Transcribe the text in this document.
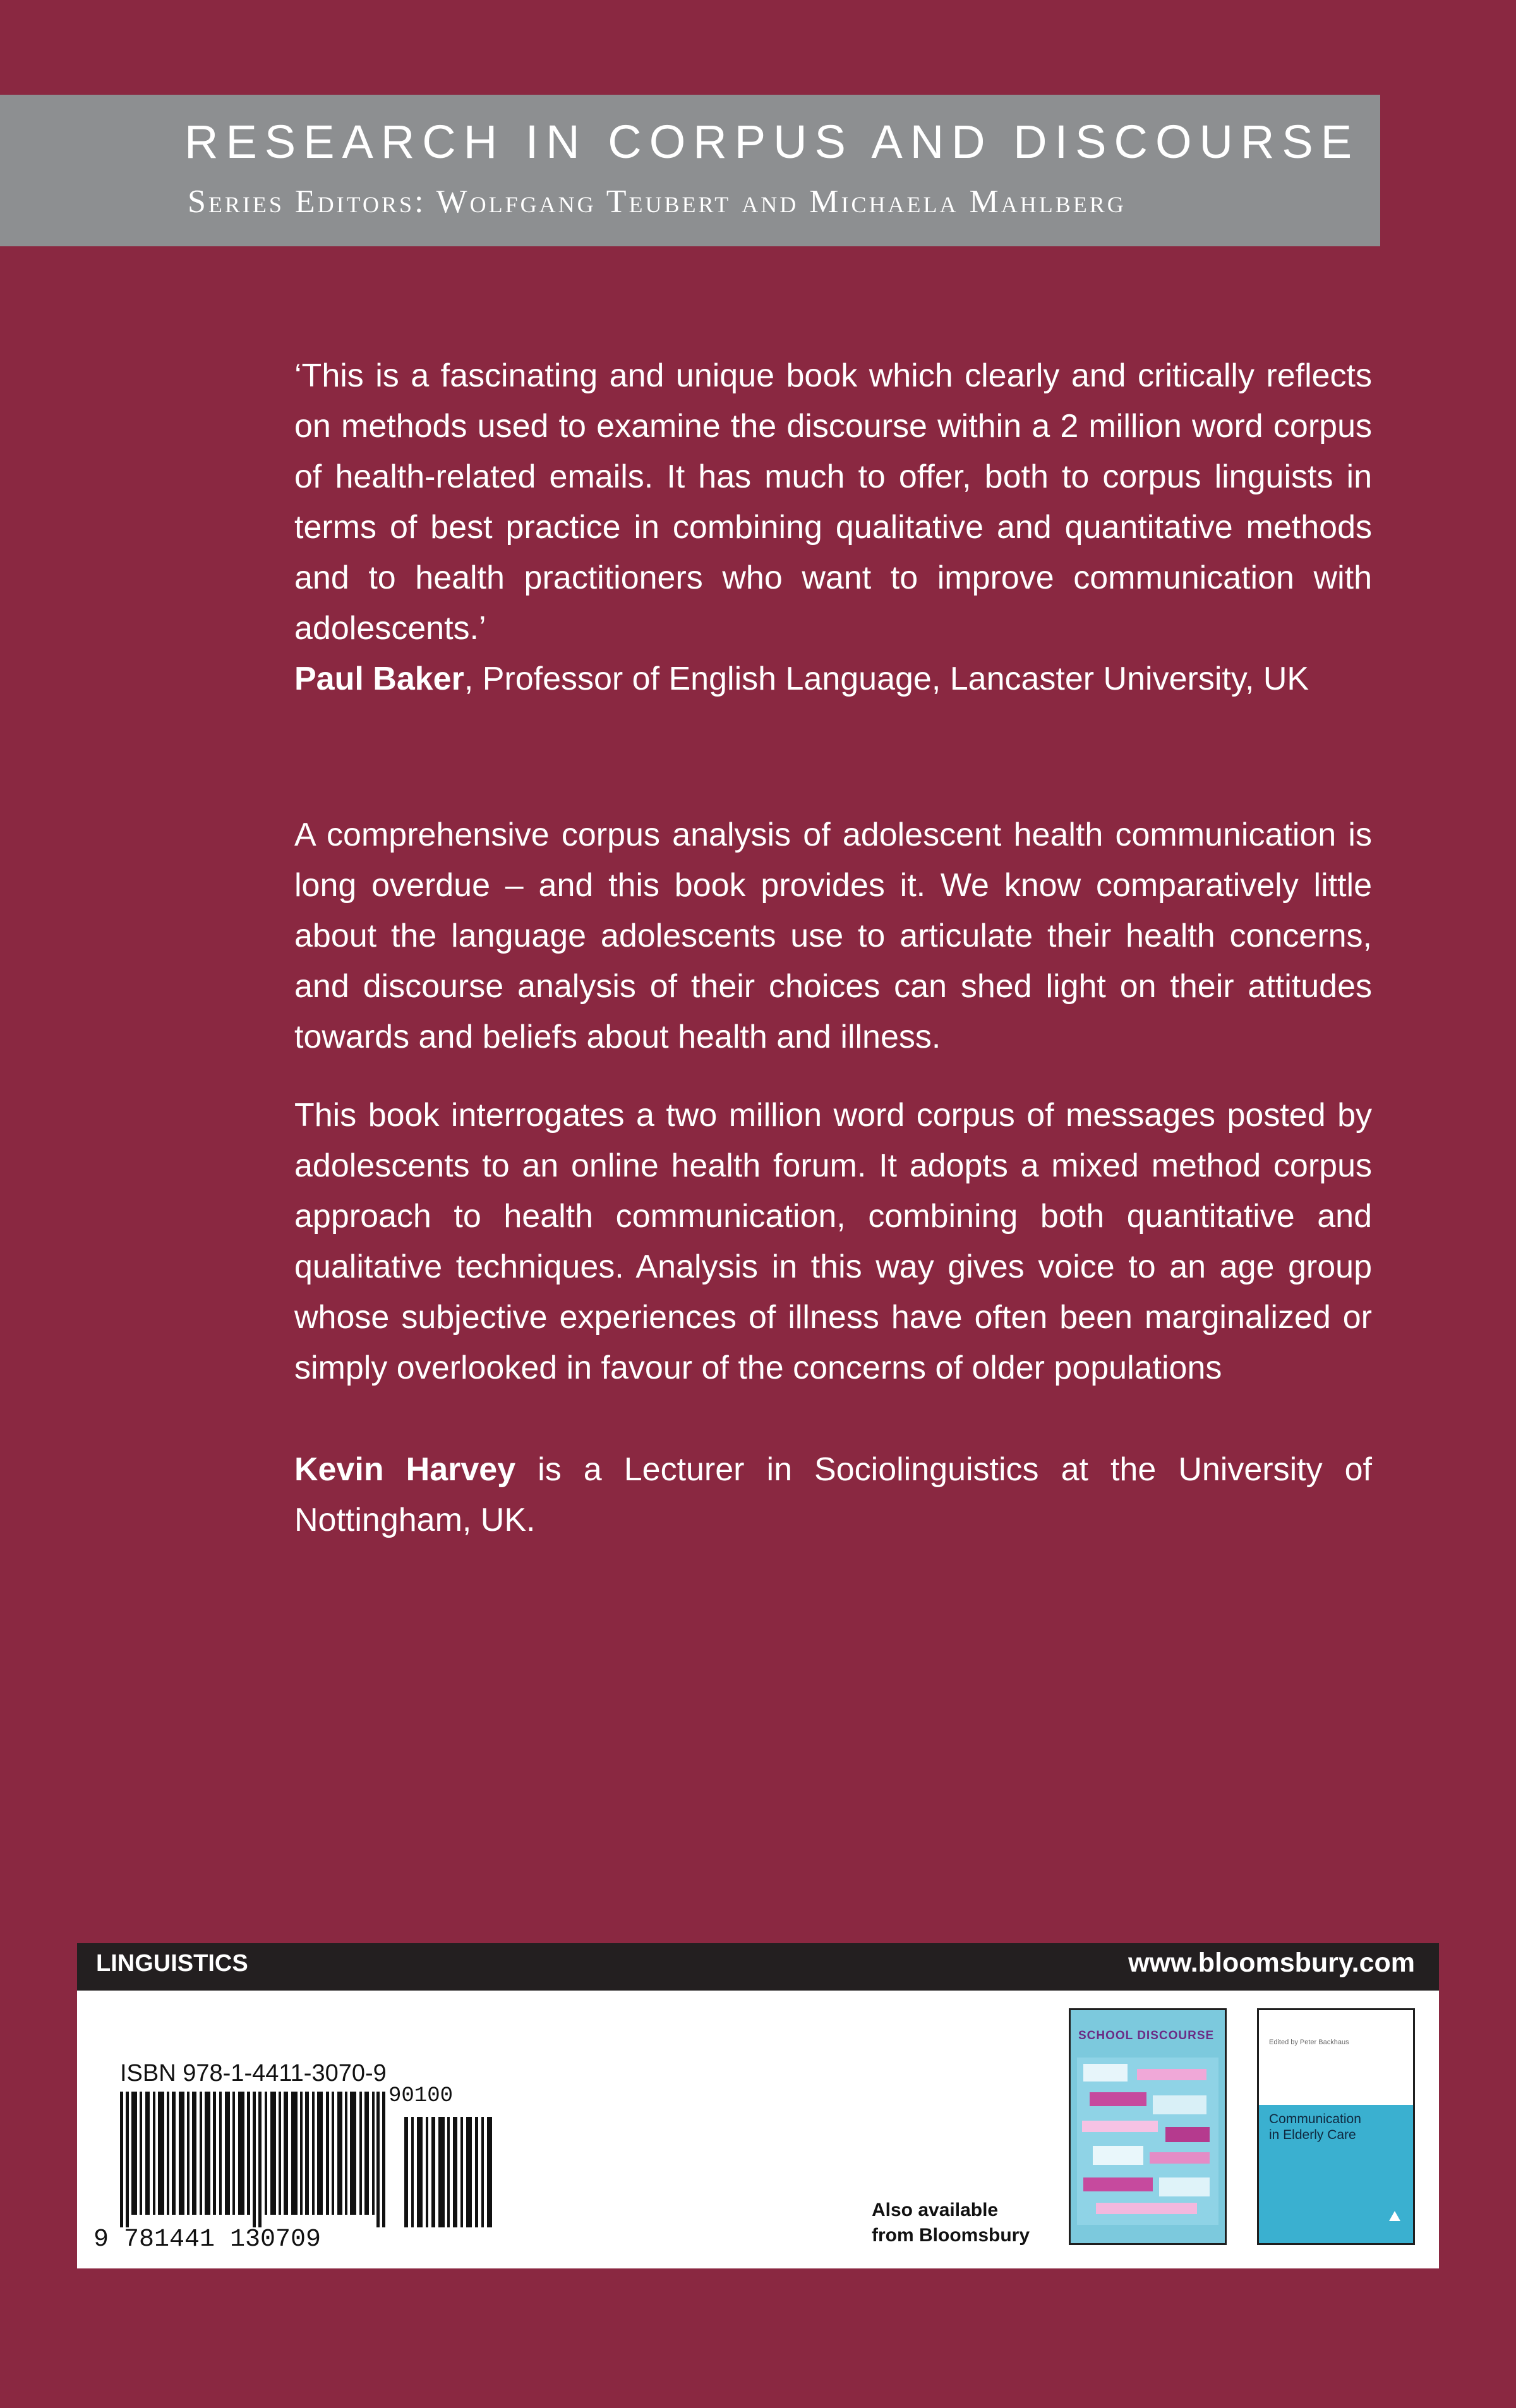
RESEARCH IN CORPUS AND DISCOURSE
Series Editors: Wolfgang Teubert and Michaela Mahlberg

‘This is a fascinating and unique book which clearly and critically reflects on methods used to examine the discourse within a 2 million word corpus of health-related emails. It has much to offer, both to corpus linguists in terms of best practice in combining qualitative and quantitative methods and to health practitioners who want to improve communication with adolescents.’

Paul Baker, Professor of English Language, Lancaster University, UK

A comprehensive corpus analysis of adolescent health communication is long overdue – and this book provides it. We know comparatively little about the language adolescents use to articulate their health concerns, and discourse analysis of their choices can shed light on their attitudes towards and beliefs about health and illness.

This book interrogates a two million word corpus of messages posted by adolescents to an online health forum. It adopts a mixed method corpus approach to health communication, combining both quantitative and qualitative techniques. Analysis in this way gives voice to an age group whose subjective experiences of illness have often been marginalized or simply overlooked in favour of the concerns of older populations

Kevin Harvey is a Lecturer in Sociolinguistics at the University of Nottingham, UK.
LINGUISTICS	www.bloomsbury.com
ISBN 978-1-4411-3070-9
90100
9 781441 130709
Also available
from Bloomsbury
SCHOOL DISCOURSE	Edited by Peter Backhaus
Communication
in Elderly Care
